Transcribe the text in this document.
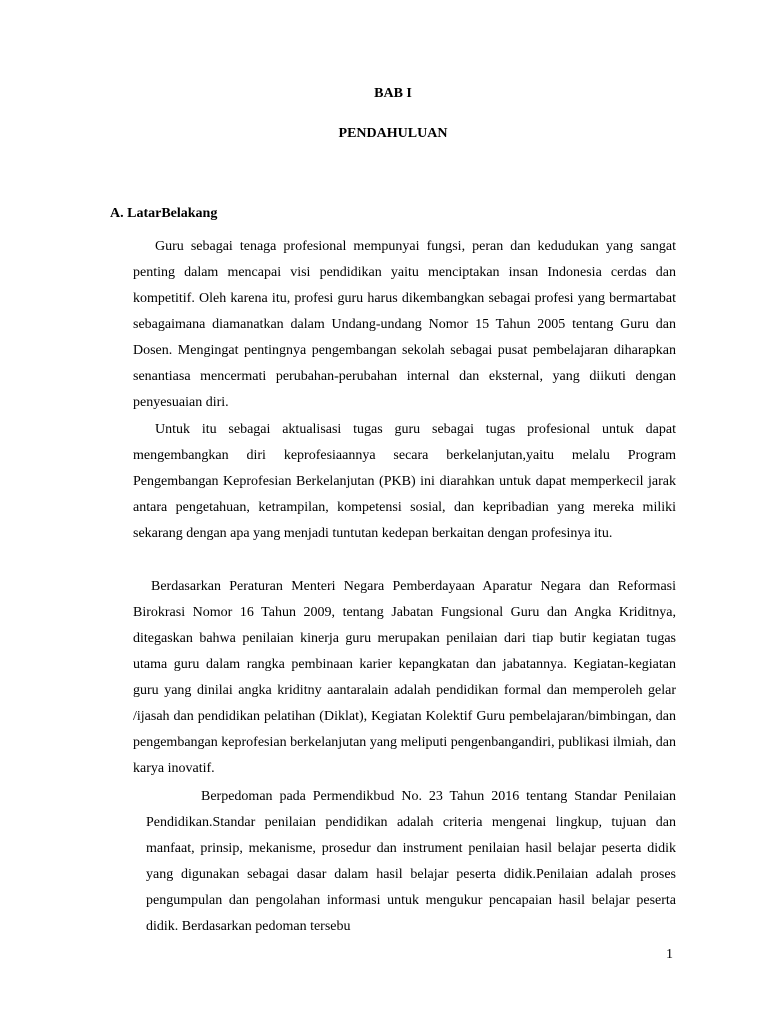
BAB I
PENDAHULUAN
A. LatarBelakang

Guru sebagai tenaga profesional mempunyai fungsi, peran dan kedudukan yang sangat penting dalam mencapai visi pendidikan yaitu menciptakan insan Indonesia cerdas dan kompetitif. Oleh karena itu, profesi guru harus dikembangkan sebagai profesi yang bermartabat sebagaimana diamanatkan dalam Undang-undang Nomor 15 Tahun 2005 tentang Guru dan Dosen. Mengingat pentingnya pengembangan sekolah sebagai pusat pembelajaran diharapkan senantiasa mencermati perubahan-perubahan internal dan eksternal, yang diikuti dengan penyesuaian diri.

Untuk itu sebagai aktualisasi tugas guru sebagai tugas profesional untuk dapat mengembangkan diri keprofesiaannya secara berkelanjutan,yaitu melalu Program Pengembangan Keprofesian Berkelanjutan (PKB) ini diarahkan untuk dapat memperkecil jarak antara pengetahuan, ketrampilan, kompetensi sosial, dan kepribadian yang mereka miliki sekarang dengan apa yang menjadi tuntutan kedepan berkaitan dengan profesinya itu.

Berdasarkan Peraturan Menteri Negara Pemberdayaan Aparatur Negara dan Reformasi Birokrasi Nomor 16 Tahun 2009, tentang Jabatan Fungsional Guru dan Angka Kriditnya, ditegaskan bahwa penilaian kinerja guru merupakan penilaian dari tiap butir kegiatan tugas utama guru dalam rangka pembinaan karier kepangkatan dan jabatannya. Kegiatan-kegiatan guru yang dinilai angka kriditny aantaralain adalah pendidikan formal dan memperoleh gelar /ijasah dan pendidikan pelatihan (Diklat), Kegiatan Kolektif Guru pembelajaran/bimbingan, dan pengembangan keprofesian berkelanjutan yang meliputi pengenbangandiri, publikasi ilmiah, dan karya inovatif.

Berpedoman pada Permendikbud No. 23 Tahun 2016 tentang Standar Penilaian Pendidikan.Standar penilaian pendidikan adalah criteria mengenai lingkup, tujuan dan manfaat, prinsip, mekanisme, prosedur dan instrument penilaian hasil belajar peserta didik yang digunakan sebagai dasar dalam hasil belajar peserta didik.Penilaian adalah proses pengumpulan dan pengolahan informasi untuk mengukur pencapaian hasil belajar peserta didik. Berdasarkan pedoman tersebu

1
